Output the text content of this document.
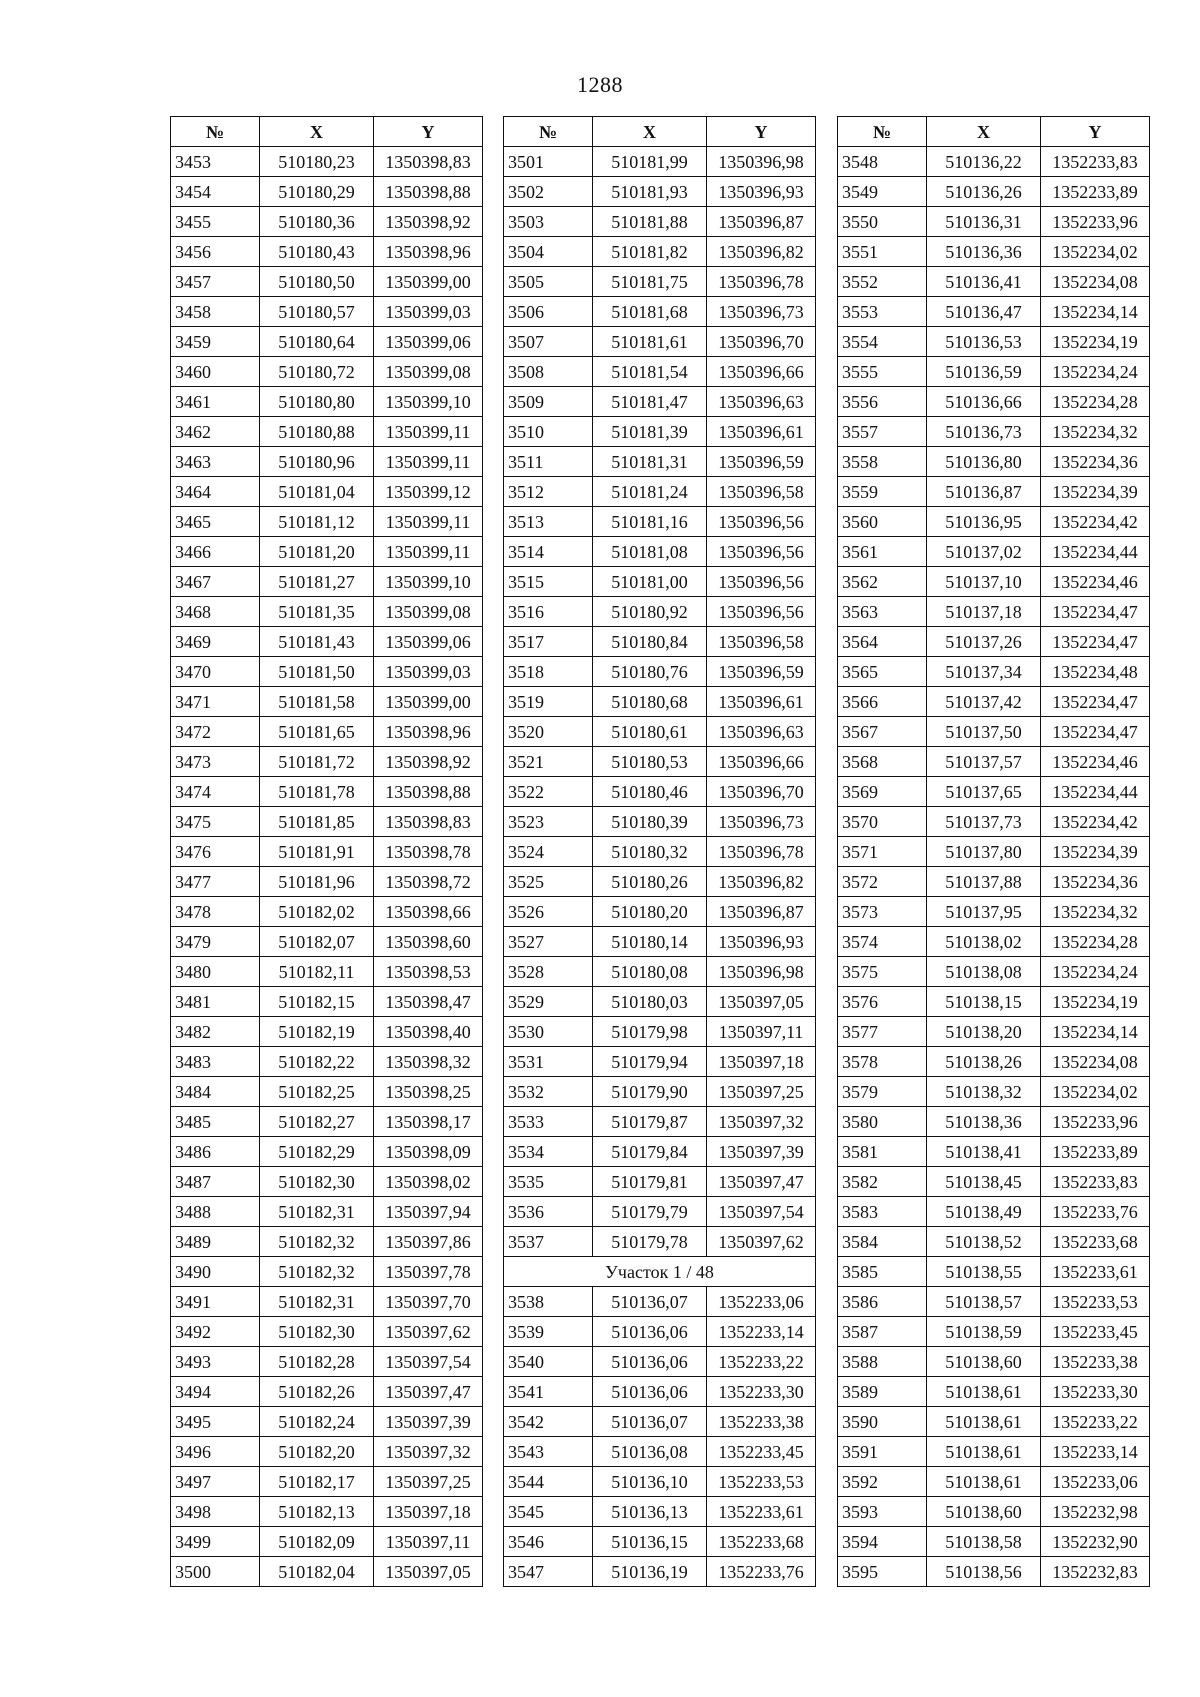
1288
№	X	Y
3453	510180,23	1350398,83
3454	510180,29	1350398,88
3455	510180,36	1350398,92
3456	510180,43	1350398,96
3457	510180,50	1350399,00
3458	510180,57	1350399,03
3459	510180,64	1350399,06
3460	510180,72	1350399,08
3461	510180,80	1350399,10
3462	510180,88	1350399,11
3463	510180,96	1350399,11
3464	510181,04	1350399,12
3465	510181,12	1350399,11
3466	510181,20	1350399,11
3467	510181,27	1350399,10
3468	510181,35	1350399,08
3469	510181,43	1350399,06
3470	510181,50	1350399,03
3471	510181,58	1350399,00
3472	510181,65	1350398,96
3473	510181,72	1350398,92
3474	510181,78	1350398,88
3475	510181,85	1350398,83
3476	510181,91	1350398,78
3477	510181,96	1350398,72
3478	510182,02	1350398,66
3479	510182,07	1350398,60
3480	510182,11	1350398,53
3481	510182,15	1350398,47
3482	510182,19	1350398,40
3483	510182,22	1350398,32
3484	510182,25	1350398,25
3485	510182,27	1350398,17
3486	510182,29	1350398,09
3487	510182,30	1350398,02
3488	510182,31	1350397,94
3489	510182,32	1350397,86
3490	510182,32	1350397,78
3491	510182,31	1350397,70
3492	510182,30	1350397,62
3493	510182,28	1350397,54
3494	510182,26	1350397,47
3495	510182,24	1350397,39
3496	510182,20	1350397,32
3497	510182,17	1350397,25
3498	510182,13	1350397,18
3499	510182,09	1350397,11
3500	510182,04	1350397,05
№	X	Y
3501	510181,99	1350396,98
3502	510181,93	1350396,93
3503	510181,88	1350396,87
3504	510181,82	1350396,82
3505	510181,75	1350396,78
3506	510181,68	1350396,73
3507	510181,61	1350396,70
3508	510181,54	1350396,66
3509	510181,47	1350396,63
3510	510181,39	1350396,61
3511	510181,31	1350396,59
3512	510181,24	1350396,58
3513	510181,16	1350396,56
3514	510181,08	1350396,56
3515	510181,00	1350396,56
3516	510180,92	1350396,56
3517	510180,84	1350396,58
3518	510180,76	1350396,59
3519	510180,68	1350396,61
3520	510180,61	1350396,63
3521	510180,53	1350396,66
3522	510180,46	1350396,70
3523	510180,39	1350396,73
3524	510180,32	1350396,78
3525	510180,26	1350396,82
3526	510180,20	1350396,87
3527	510180,14	1350396,93
3528	510180,08	1350396,98
3529	510180,03	1350397,05
3530	510179,98	1350397,11
3531	510179,94	1350397,18
3532	510179,90	1350397,25
3533	510179,87	1350397,32
3534	510179,84	1350397,39
3535	510179,81	1350397,47
3536	510179,79	1350397,54
3537	510179,78	1350397,62
Участок 1 / 48		
3538	510136,07	1352233,06
3539	510136,06	1352233,14
3540	510136,06	1352233,22
3541	510136,06	1352233,30
3542	510136,07	1352233,38
3543	510136,08	1352233,45
3544	510136,10	1352233,53
3545	510136,13	1352233,61
3546	510136,15	1352233,68
3547	510136,19	1352233,76
№	X	Y
3548	510136,22	1352233,83
3549	510136,26	1352233,89
3550	510136,31	1352233,96
3551	510136,36	1352234,02
3552	510136,41	1352234,08
3553	510136,47	1352234,14
3554	510136,53	1352234,19
3555	510136,59	1352234,24
3556	510136,66	1352234,28
3557	510136,73	1352234,32
3558	510136,80	1352234,36
3559	510136,87	1352234,39
3560	510136,95	1352234,42
3561	510137,02	1352234,44
3562	510137,10	1352234,46
3563	510137,18	1352234,47
3564	510137,26	1352234,47
3565	510137,34	1352234,48
3566	510137,42	1352234,47
3567	510137,50	1352234,47
3568	510137,57	1352234,46
3569	510137,65	1352234,44
3570	510137,73	1352234,42
3571	510137,80	1352234,39
3572	510137,88	1352234,36
3573	510137,95	1352234,32
3574	510138,02	1352234,28
3575	510138,08	1352234,24
3576	510138,15	1352234,19
3577	510138,20	1352234,14
3578	510138,26	1352234,08
3579	510138,32	1352234,02
3580	510138,36	1352233,96
3581	510138,41	1352233,89
3582	510138,45	1352233,83
3583	510138,49	1352233,76
3584	510138,52	1352233,68
3585	510138,55	1352233,61
3586	510138,57	1352233,53
3587	510138,59	1352233,45
3588	510138,60	1352233,38
3589	510138,61	1352233,30
3590	510138,61	1352233,22
3591	510138,61	1352233,14
3592	510138,61	1352233,06
3593	510138,60	1352232,98
3594	510138,58	1352232,90
3595	510138,56	1352232,83
